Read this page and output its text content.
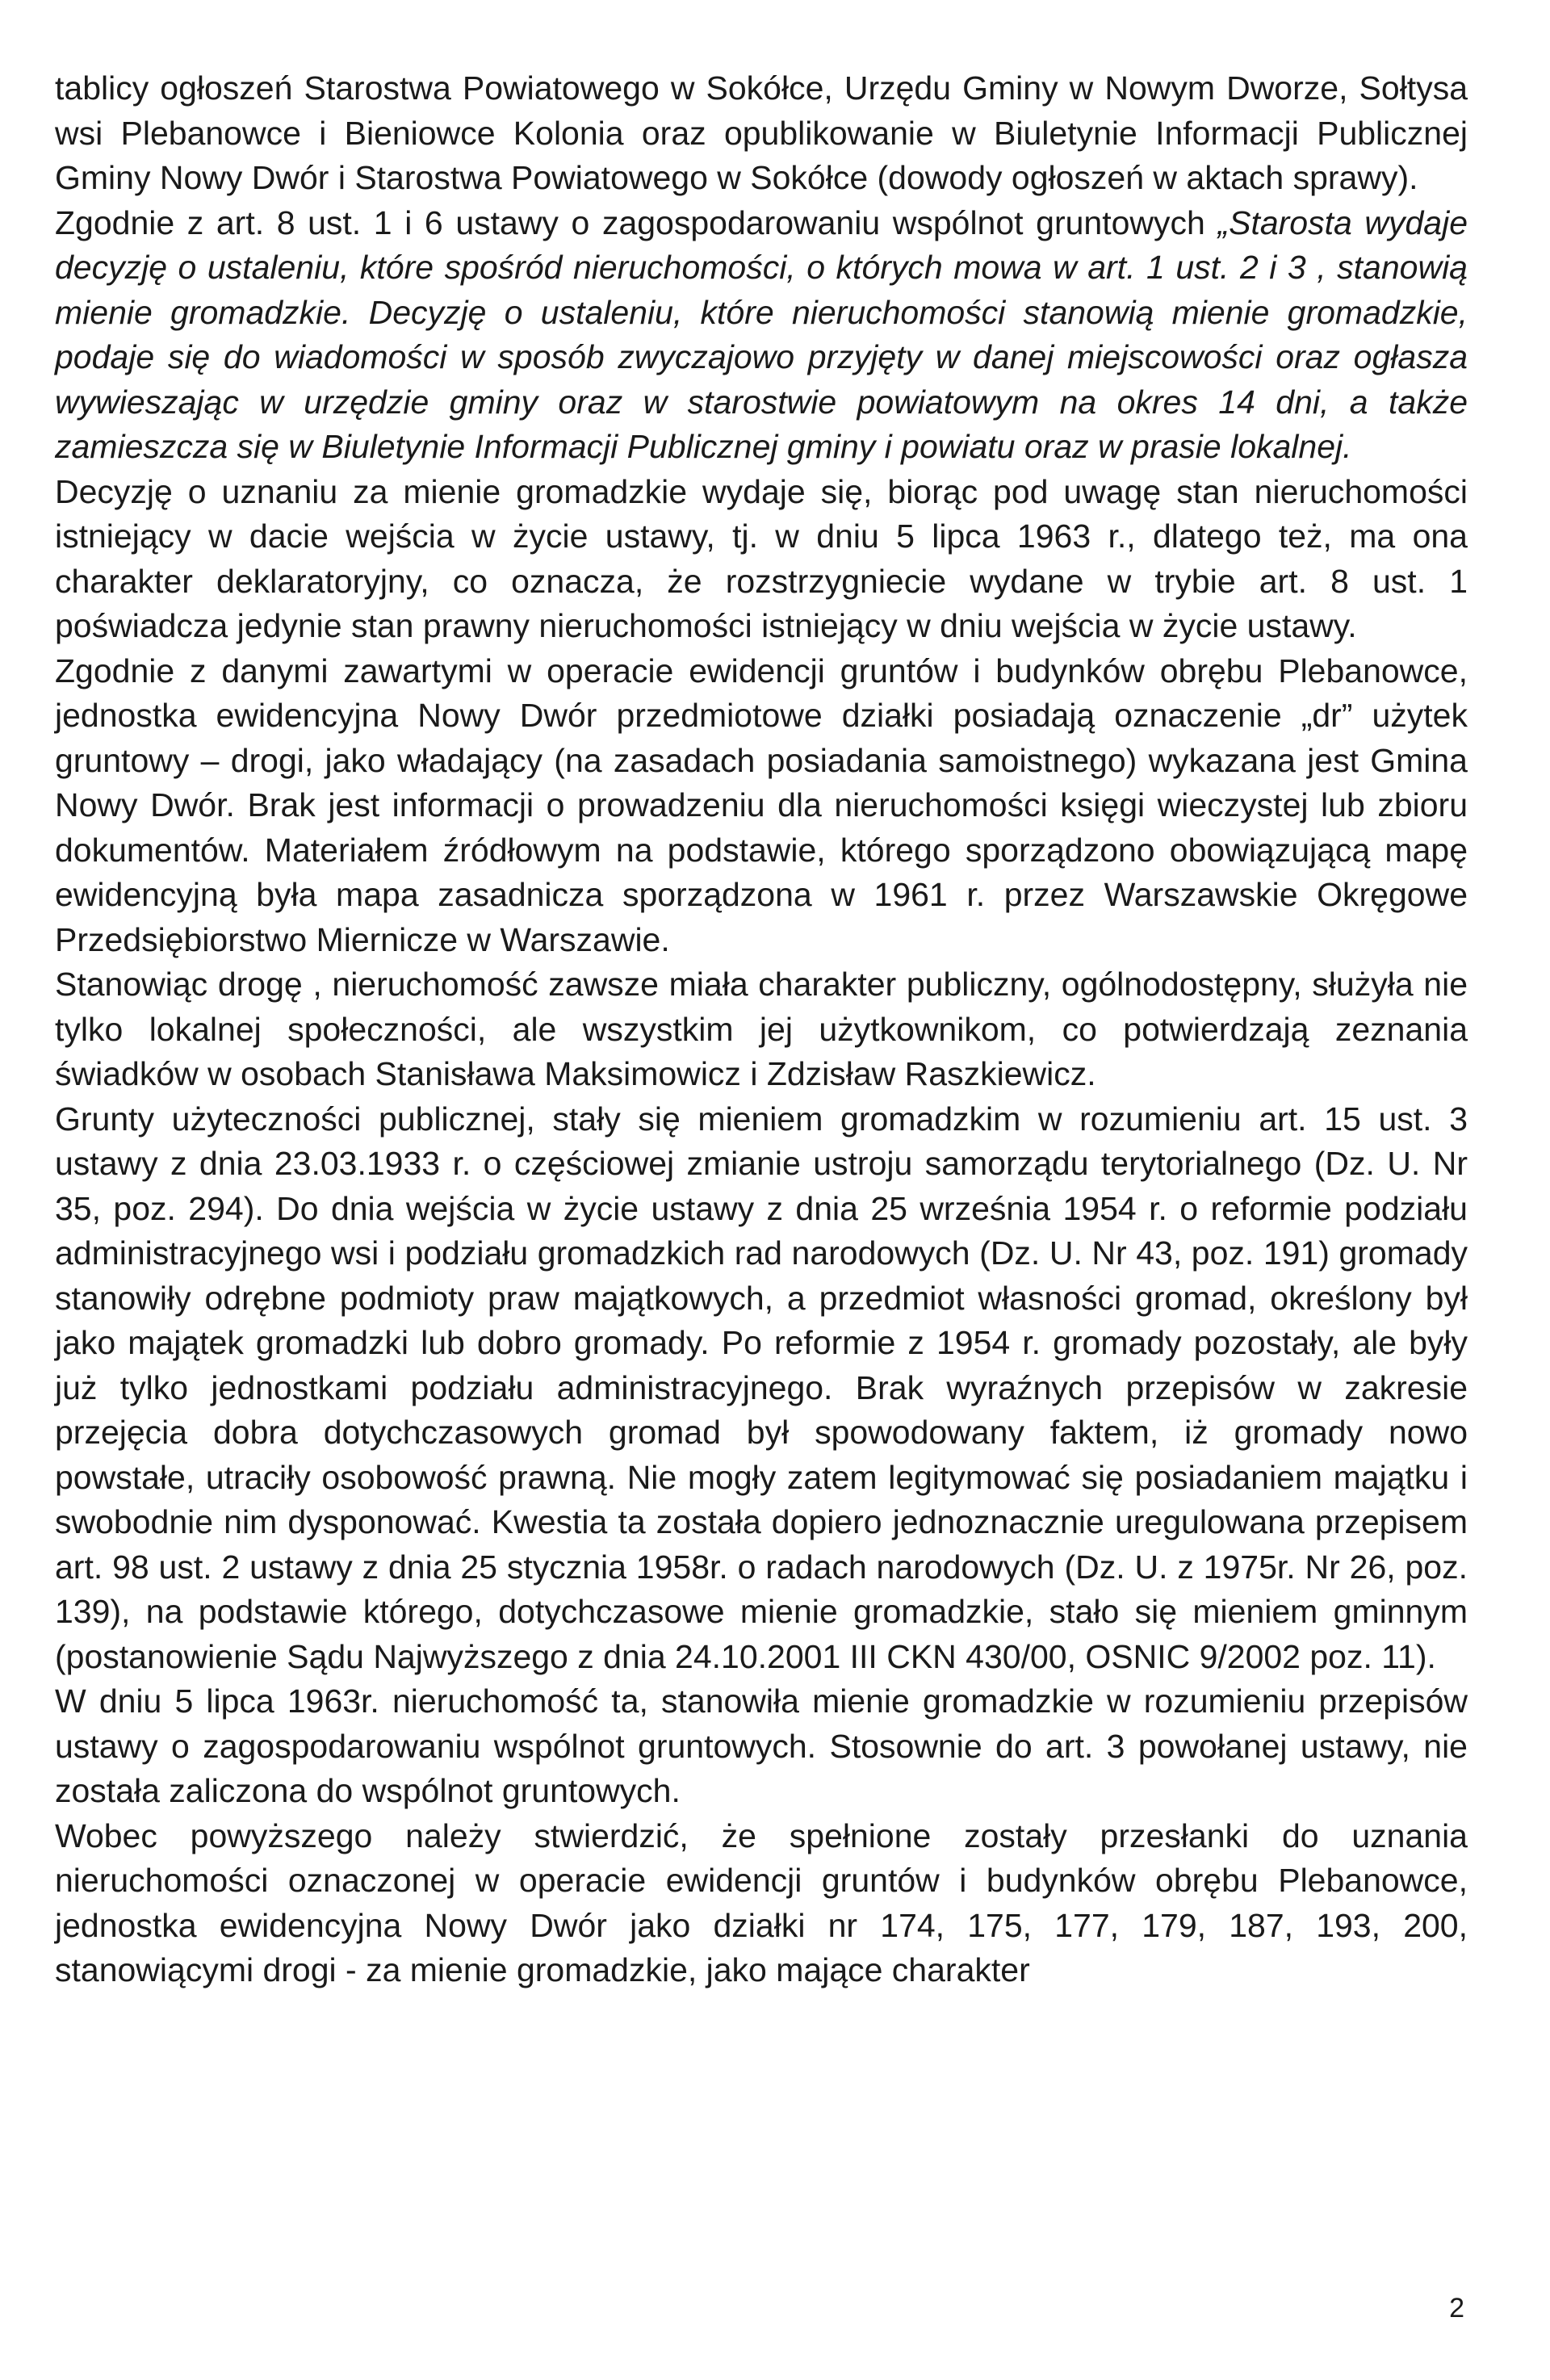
tablicy ogłoszeń Starostwa Powiatowego w Sokółce, Urzędu Gminy w Nowym Dworze, Sołtysa wsi Plebanowce i Bieniowce Kolonia oraz opublikowanie w Biuletynie Informacji Publicznej Gminy Nowy Dwór i Starostwa Powiatowego w Sokółce (dowody ogłoszeń w aktach sprawy).

Zgodnie z art. 8 ust. 1 i 6 ustawy o zagospodarowaniu wspólnot gruntowych „Starosta wydaje decyzję o ustaleniu, które spośród nieruchomości, o których mowa w art. 1 ust. 2 i 3 , stanowią mienie gromadzkie. Decyzję o ustaleniu, które nieruchomości stanowią mienie gromadzkie, podaje się do wiadomości w sposób zwyczajowo przyjęty w danej miejscowości oraz ogłasza wywieszając w urzędzie gminy oraz w starostwie powiatowym na okres 14 dni, a także zamieszcza się w Biuletynie Informacji Publicznej gminy i powiatu oraz w prasie lokalnej.

Decyzję o uznaniu za mienie gromadzkie wydaje się, biorąc pod uwagę stan nieruchomości istniejący w dacie wejścia w życie ustawy, tj. w dniu 5 lipca 1963 r., dlatego też, ma ona charakter deklaratoryjny, co oznacza, że rozstrzygniecie wydane w trybie art. 8 ust. 1 poświadcza jedynie stan prawny nieruchomości istniejący w dniu wejścia w życie ustawy.

Zgodnie z danymi zawartymi w operacie ewidencji gruntów i budynków obrębu Plebanowce, jednostka ewidencyjna Nowy Dwór przedmiotowe działki posiadają oznaczenie „dr” użytek gruntowy – drogi, jako władający (na zasadach posiadania samoistnego) wykazana jest Gmina Nowy Dwór. Brak jest informacji o prowadzeniu dla nieruchomości księgi wieczystej lub zbioru dokumentów. Materiałem źródłowym na podstawie, którego sporządzono obowiązującą mapę ewidencyjną była mapa zasadnicza sporządzona w 1961 r. przez Warszawskie Okręgowe Przedsiębiorstwo Miernicze w Warszawie.

Stanowiąc drogę , nieruchomość zawsze miała charakter publiczny, ogólnodostępny, służyła nie tylko lokalnej społeczności, ale wszystkim jej użytkownikom, co potwierdzają zeznania świadków w osobach Stanisława Maksimowicz i Zdzisław Raszkiewicz.

Grunty użyteczności publicznej, stały się mieniem gromadzkim w rozumieniu art. 15 ust. 3 ustawy z dnia 23.03.1933 r. o częściowej zmianie ustroju samorządu terytorialnego (Dz. U. Nr 35, poz. 294). Do dnia wejścia w życie ustawy z dnia 25 września 1954 r. o reformie podziału administracyjnego wsi i podziału gromadzkich rad narodowych (Dz. U. Nr 43, poz. 191) gromady stanowiły odrębne podmioty praw majątkowych, a przedmiot własności gromad, określony był jako majątek gromadzki lub dobro gromady. Po reformie z 1954 r. gromady pozostały, ale były już tylko jednostkami podziału administracyjnego. Brak wyraźnych przepisów w zakresie przejęcia dobra dotychczasowych gromad był spowodowany faktem, iż gromady nowo powstałe, utraciły osobowość prawną. Nie mogły zatem legitymować się posiadaniem majątku i swobodnie nim dysponować. Kwestia ta została dopiero jednoznacznie uregulowana przepisem art. 98 ust. 2 ustawy z dnia 25 stycznia 1958r. o radach narodowych (Dz. U. z 1975r. Nr 26, poz. 139), na podstawie którego, dotychczasowe mienie gromadzkie, stało się mieniem gminnym (postanowienie Sądu Najwyższego z dnia 24.10.2001 III CKN 430/00, OSNIC 9/2002 poz. 11).

W dniu 5 lipca 1963r. nieruchomość ta, stanowiła mienie gromadzkie w rozumieniu przepisów ustawy o zagospodarowaniu wspólnot gruntowych. Stosownie do art. 3 powołanej ustawy, nie została zaliczona do wspólnot gruntowych.

Wobec powyższego należy stwierdzić, że spełnione zostały przesłanki do uznania nieruchomości oznaczonej w operacie ewidencji gruntów i budynków obrębu Plebanowce, jednostka ewidencyjna Nowy Dwór jako działki nr 174, 175, 177, 179, 187, 193, 200, stanowiącymi drogi - za mienie gromadzkie, jako mające charakter

2
